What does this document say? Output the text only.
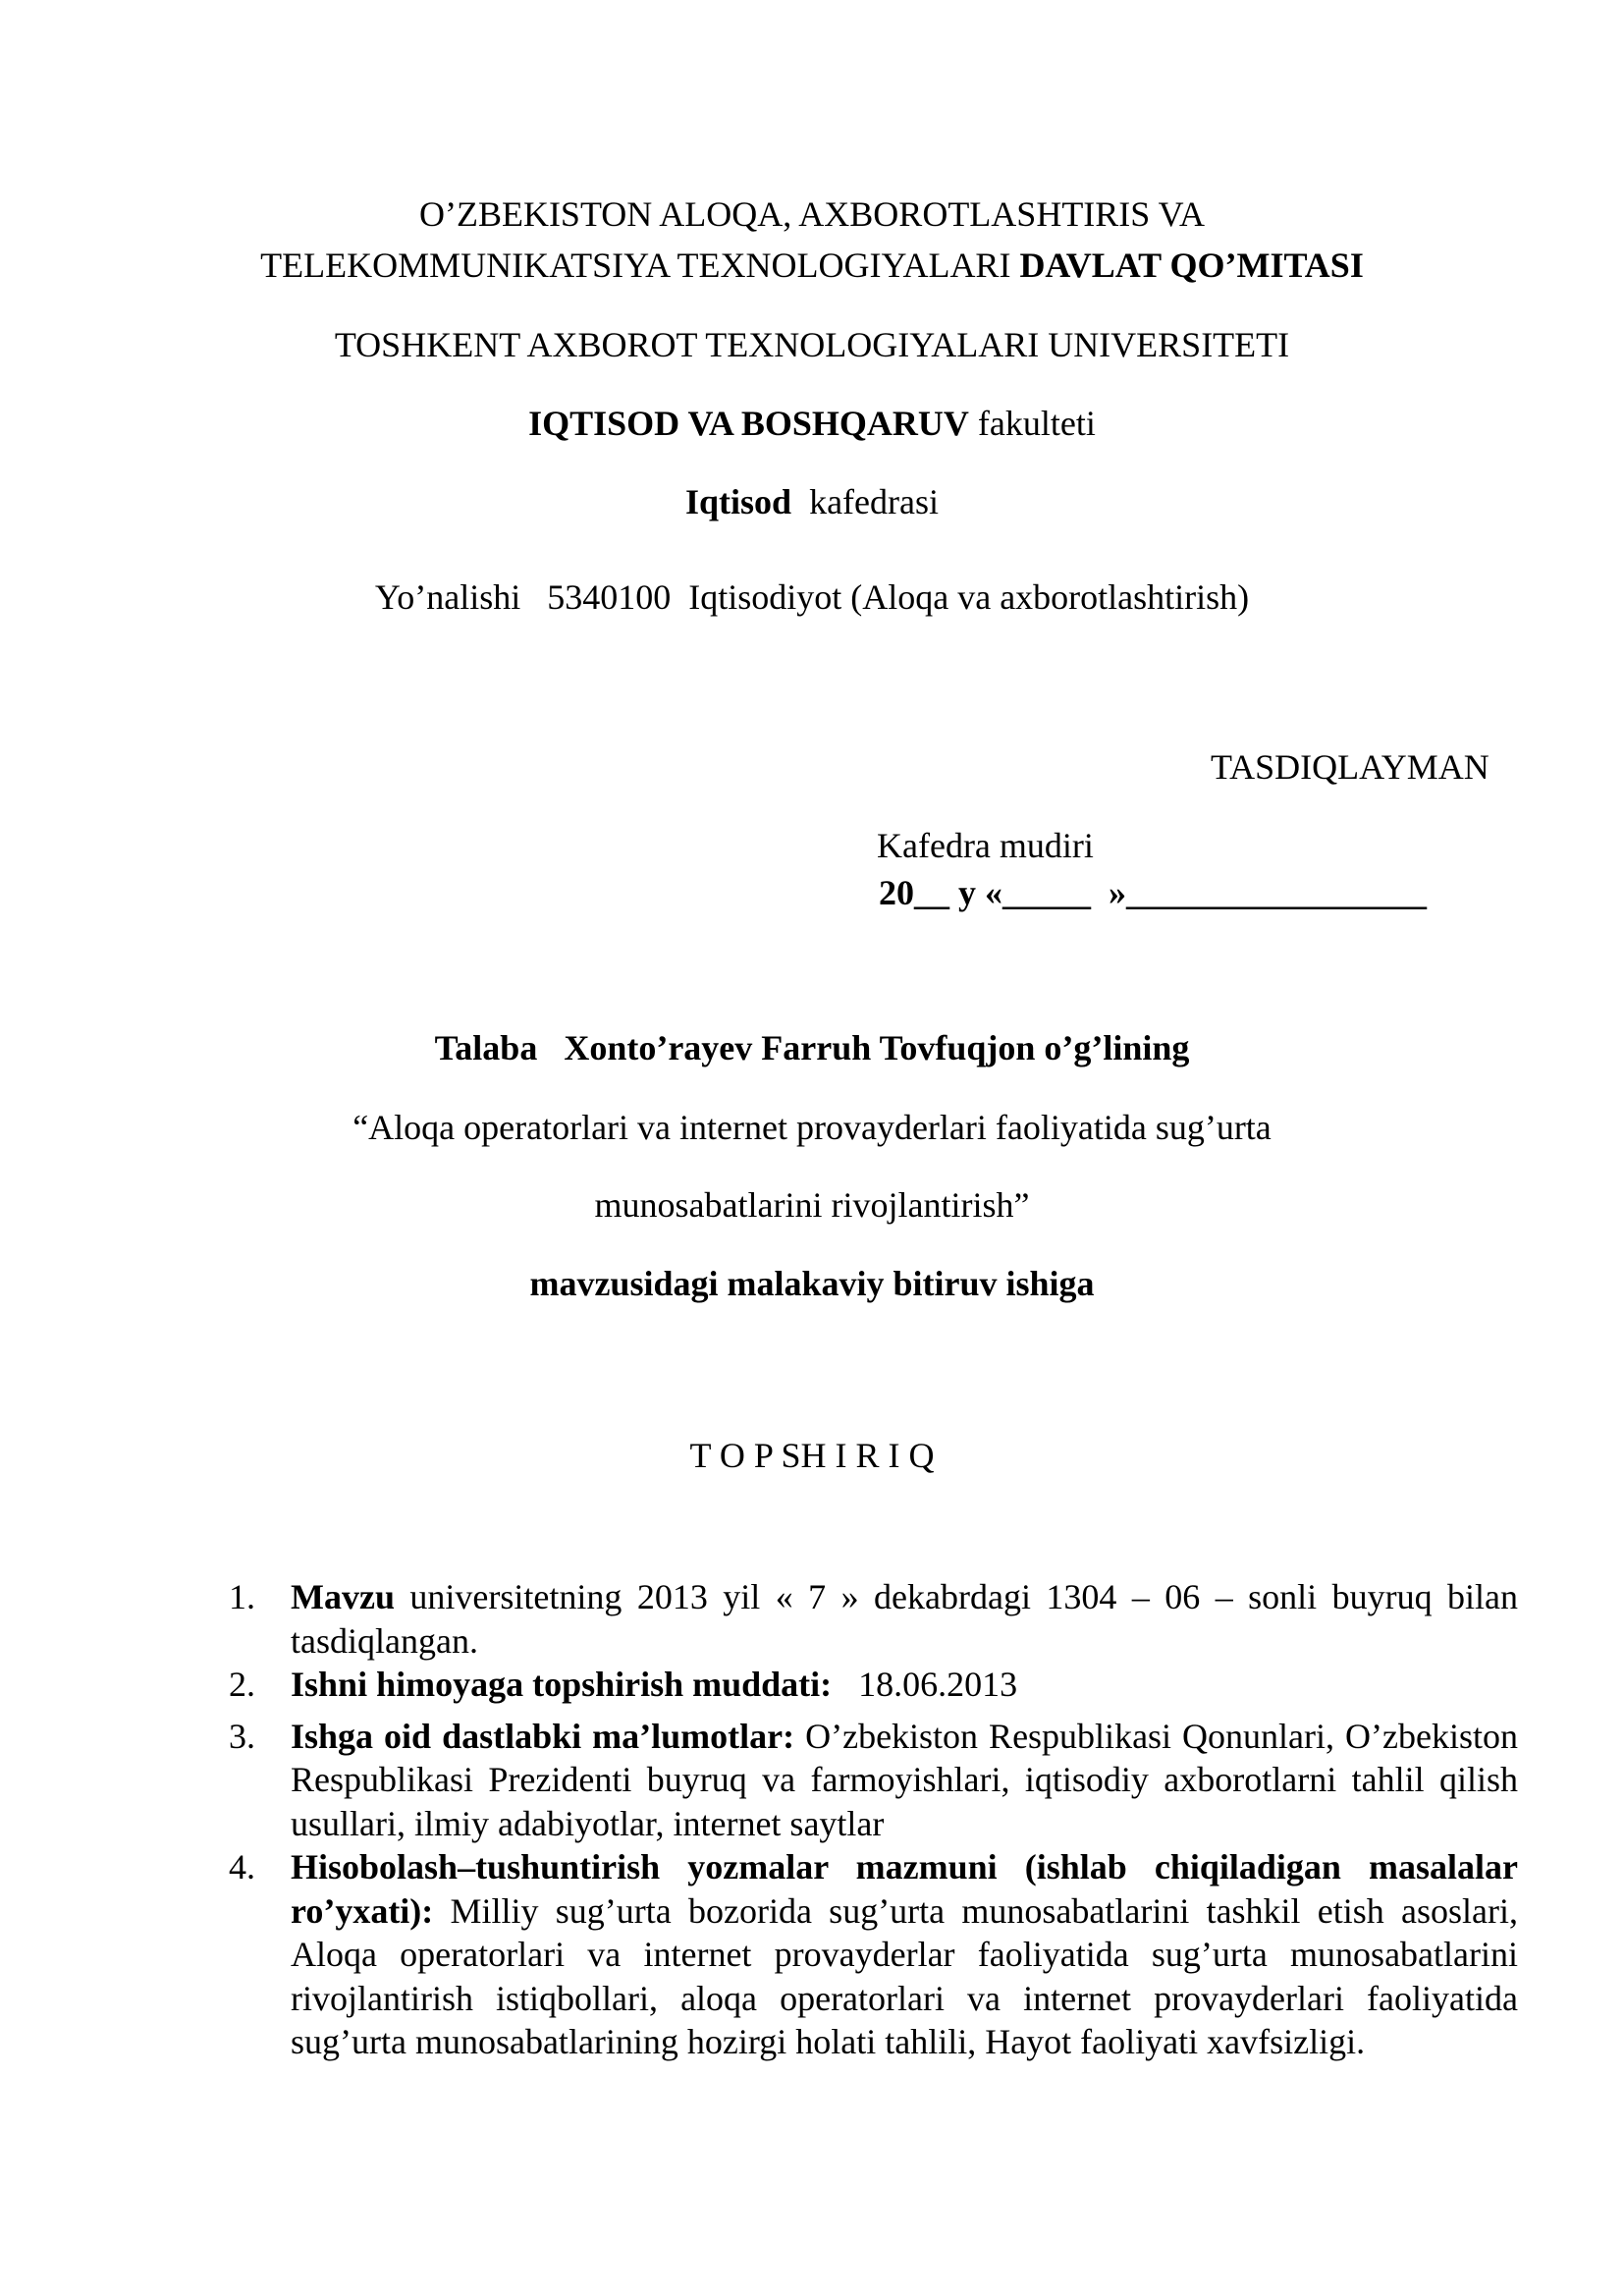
O’ZBEKISTON ALOQA, AXBOROTLASHTIRIS VA
TELEKOMMUNIKATSIYA TEXNOLOGIYALARI DAVLAT QO’MITASI
TOSHKENT AXBOROT TEXNOLOGIYALARI UNIVERSITETI
IQTISOD VA BOSHQARUV fakulteti
Iqtisod kafedrasi
Yo’nalishi   5340100  Iqtisodiyot (Aloqa va axborotlashtirish)
TASDIQLAYMAN
Kafedra mudiri
20__ y «_____  »_________________
Talaba   Xonto’rayev Farruh Tovfuqjon o’g’lining
“Aloqa operatorlari va internet provayderlari faoliyatida sug’urta
munosabatlarini rivojlantirish”
mavzusidagi malakaviy bitiruv ishiga
T O P SH I R I Q
1. Mavzu universitetning 2013 yil « 7 » dekabrdagi 1304 – 06 – sonli buyruq bilan tasdiqlangan.
2. Ishni himoyaga topshirish muddati:   18.06.2013
3. Ishga oid dastlabki ma’lumotlar: O’zbekiston Respublikasi Qonunlari, O’zbekiston Respublikasi Prezidenti buyruq va farmoyishlari, iqtisodiy axborotlarni tahlil qilish usullari, ilmiy adabiyotlar, internet saytlar
4. Hisobolash–tushuntirish yozmalar mazmuni (ishlab chiqiladigan masalalar ro’yxati): Milliy sug’urta bozorida sug’urta munosabatlarini tashkil etish asoslari, Aloqa operatorlari va internet provayderlar faoliyatida sug’urta munosabatlarini rivojlantirish istiqbollari, aloqa operatorlari va internet provayderlari faoliyatida sug’urta munosabatlarining hozirgi holati tahlili, Hayot faoliyati xavfsizligi.
